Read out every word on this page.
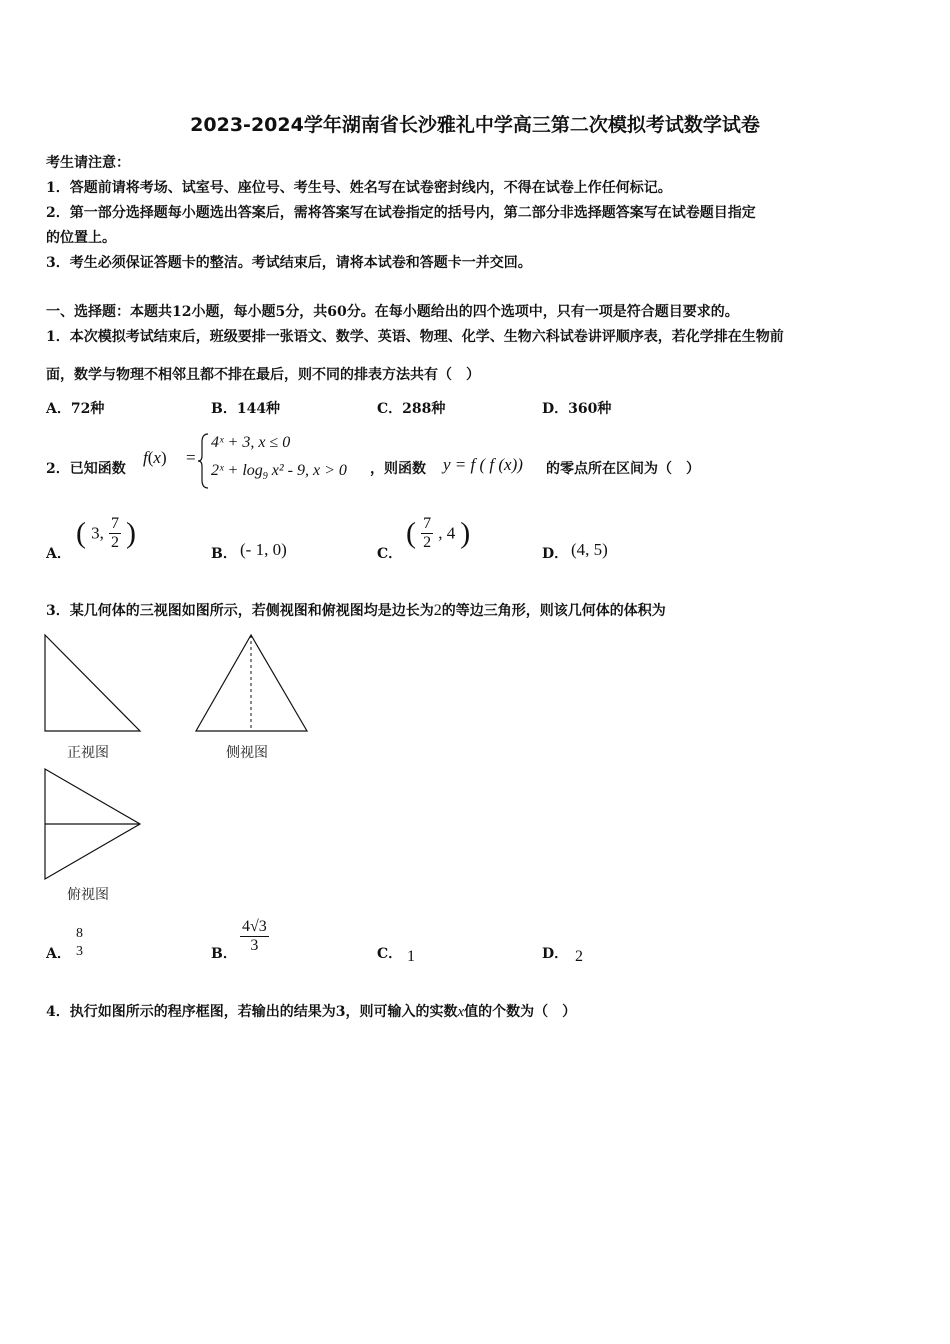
2023-2024学年湖南省长沙雅礼中学高三第二次模拟考试数学试卷
考生请注意：
1．答题前请将考场、试室号、座位号、考生号、姓名写在试卷密封线内，不得在试卷上作任何标记。
2．第一部分选择题每小题选出答案后，需将答案写在试卷指定的括号内，第二部分非选择题答案写在试卷题目指定
的位置上。
3．考生必须保证答题卡的整洁。考试结束后，请将本试卷和答题卡一并交回。
一、选择题：本题共12小题，每小题5分，共60分。在每小题给出的四个选项中，只有一项是符合题目要求的。
1．本次模拟考试结束后，班级要排一张语文、数学、英语、物理、化学、生物六科试卷讲评顺序表，若化学排在生物前
面，数学与物理不相邻且都不排在最后，则不同的排表方法共有（　）
A．72种	B．144种	C．288种	D．360种
2．已知函数
f(x) =
4ˣ + 3, x ≤ 0
2ˣ + $\log_9 x^2 - 9$, x > 0 ，则函数 y = f ( f (x)) 的零点所在区间为（　）
A．
( 3, $\frac{7}{2}$ )
B． (- 1, 0)	C．
( $\frac{7}{2}$ , 4 )
D． (4, 5)
3．某几何体的三视图如图所示，若侧视图和俯视图均是边长为2的等边三角形，则该几何体的体积为
正视图	侧视图
俯视图
A．
8
3	B． $\frac{4√3}{3}$	C． 1	D． 2
4．执行如图所示的程序框图，若输出的结果为3，则可输入的实数x值的个数为（　）
